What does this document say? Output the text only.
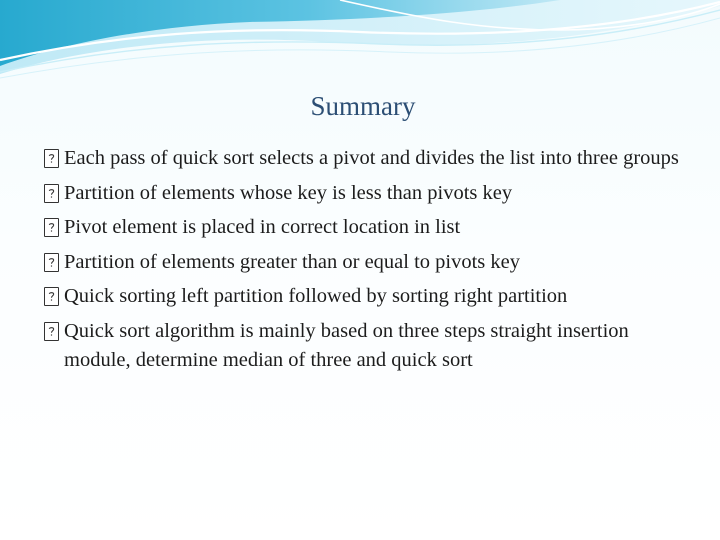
Summary
Each pass of quick sort selects a pivot and divides the list into three groups
Partition of elements whose key is less than pivots key
Pivot element is placed in correct location in list
Partition of elements greater than or equal to pivots key
Quick sorting left partition followed by sorting right partition
Quick sort algorithm is mainly based on three steps straight insertion module, determine median of three and quick sort
